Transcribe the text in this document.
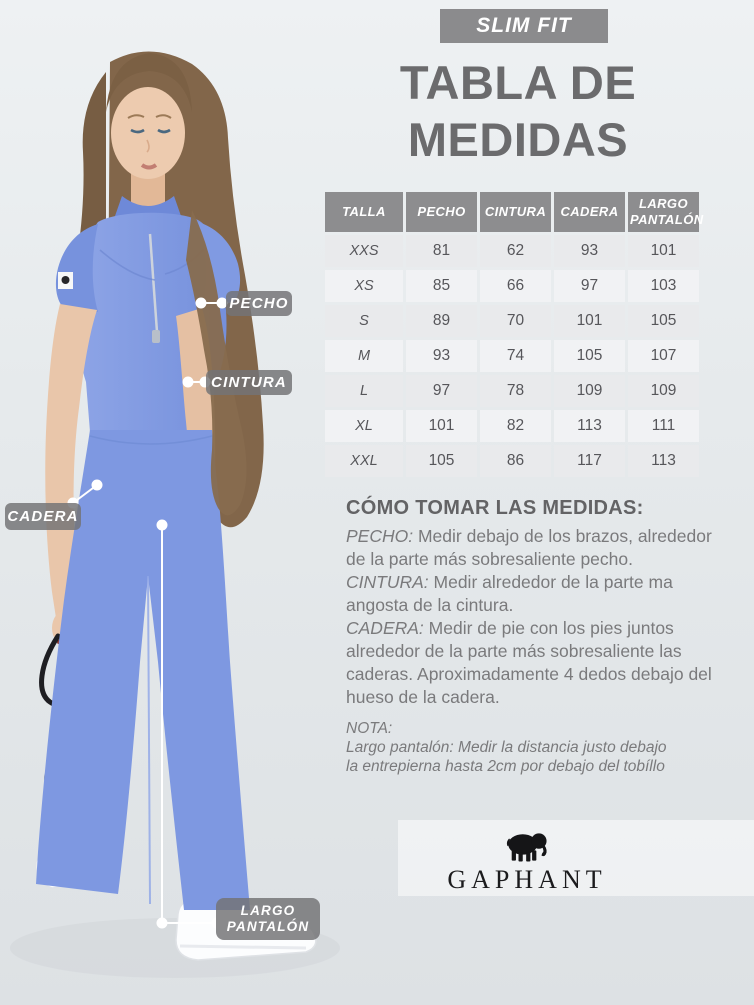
PECHO
CINTURA
CADERA
LARGO
PANTALÓN
SLIM FIT
TABLA DE
MEDIDAS
TALLA	PECHO	CINTURA	CADERA	LARGO PANTALÓN
XXS	81	62	93	101
XS	85	66	97	103
S	89	70	101	105
M	93	74	105	107
L	97	78	109	109
XL	101	82	113	111
XXL	105	86	117	113
CÓMO TOMAR LAS MEDIDAS:

PECHO: Medir debajo de los brazos, alrededor de la parte más sobresaliente pecho.

CINTURA: Medir alrededor de la parte ma angosta de la cintura.

CADERA: Medir de pie con los pies juntos alrededor de la parte más sobresaliente las caderas. Aproximadamente 4 dedos debajo del hueso de la cadera.

NOTA:
Largo pantalón: Medir la distancia justo debajo
la entrepierna hasta 2cm por debajo del tobíllo
GAPHANT
